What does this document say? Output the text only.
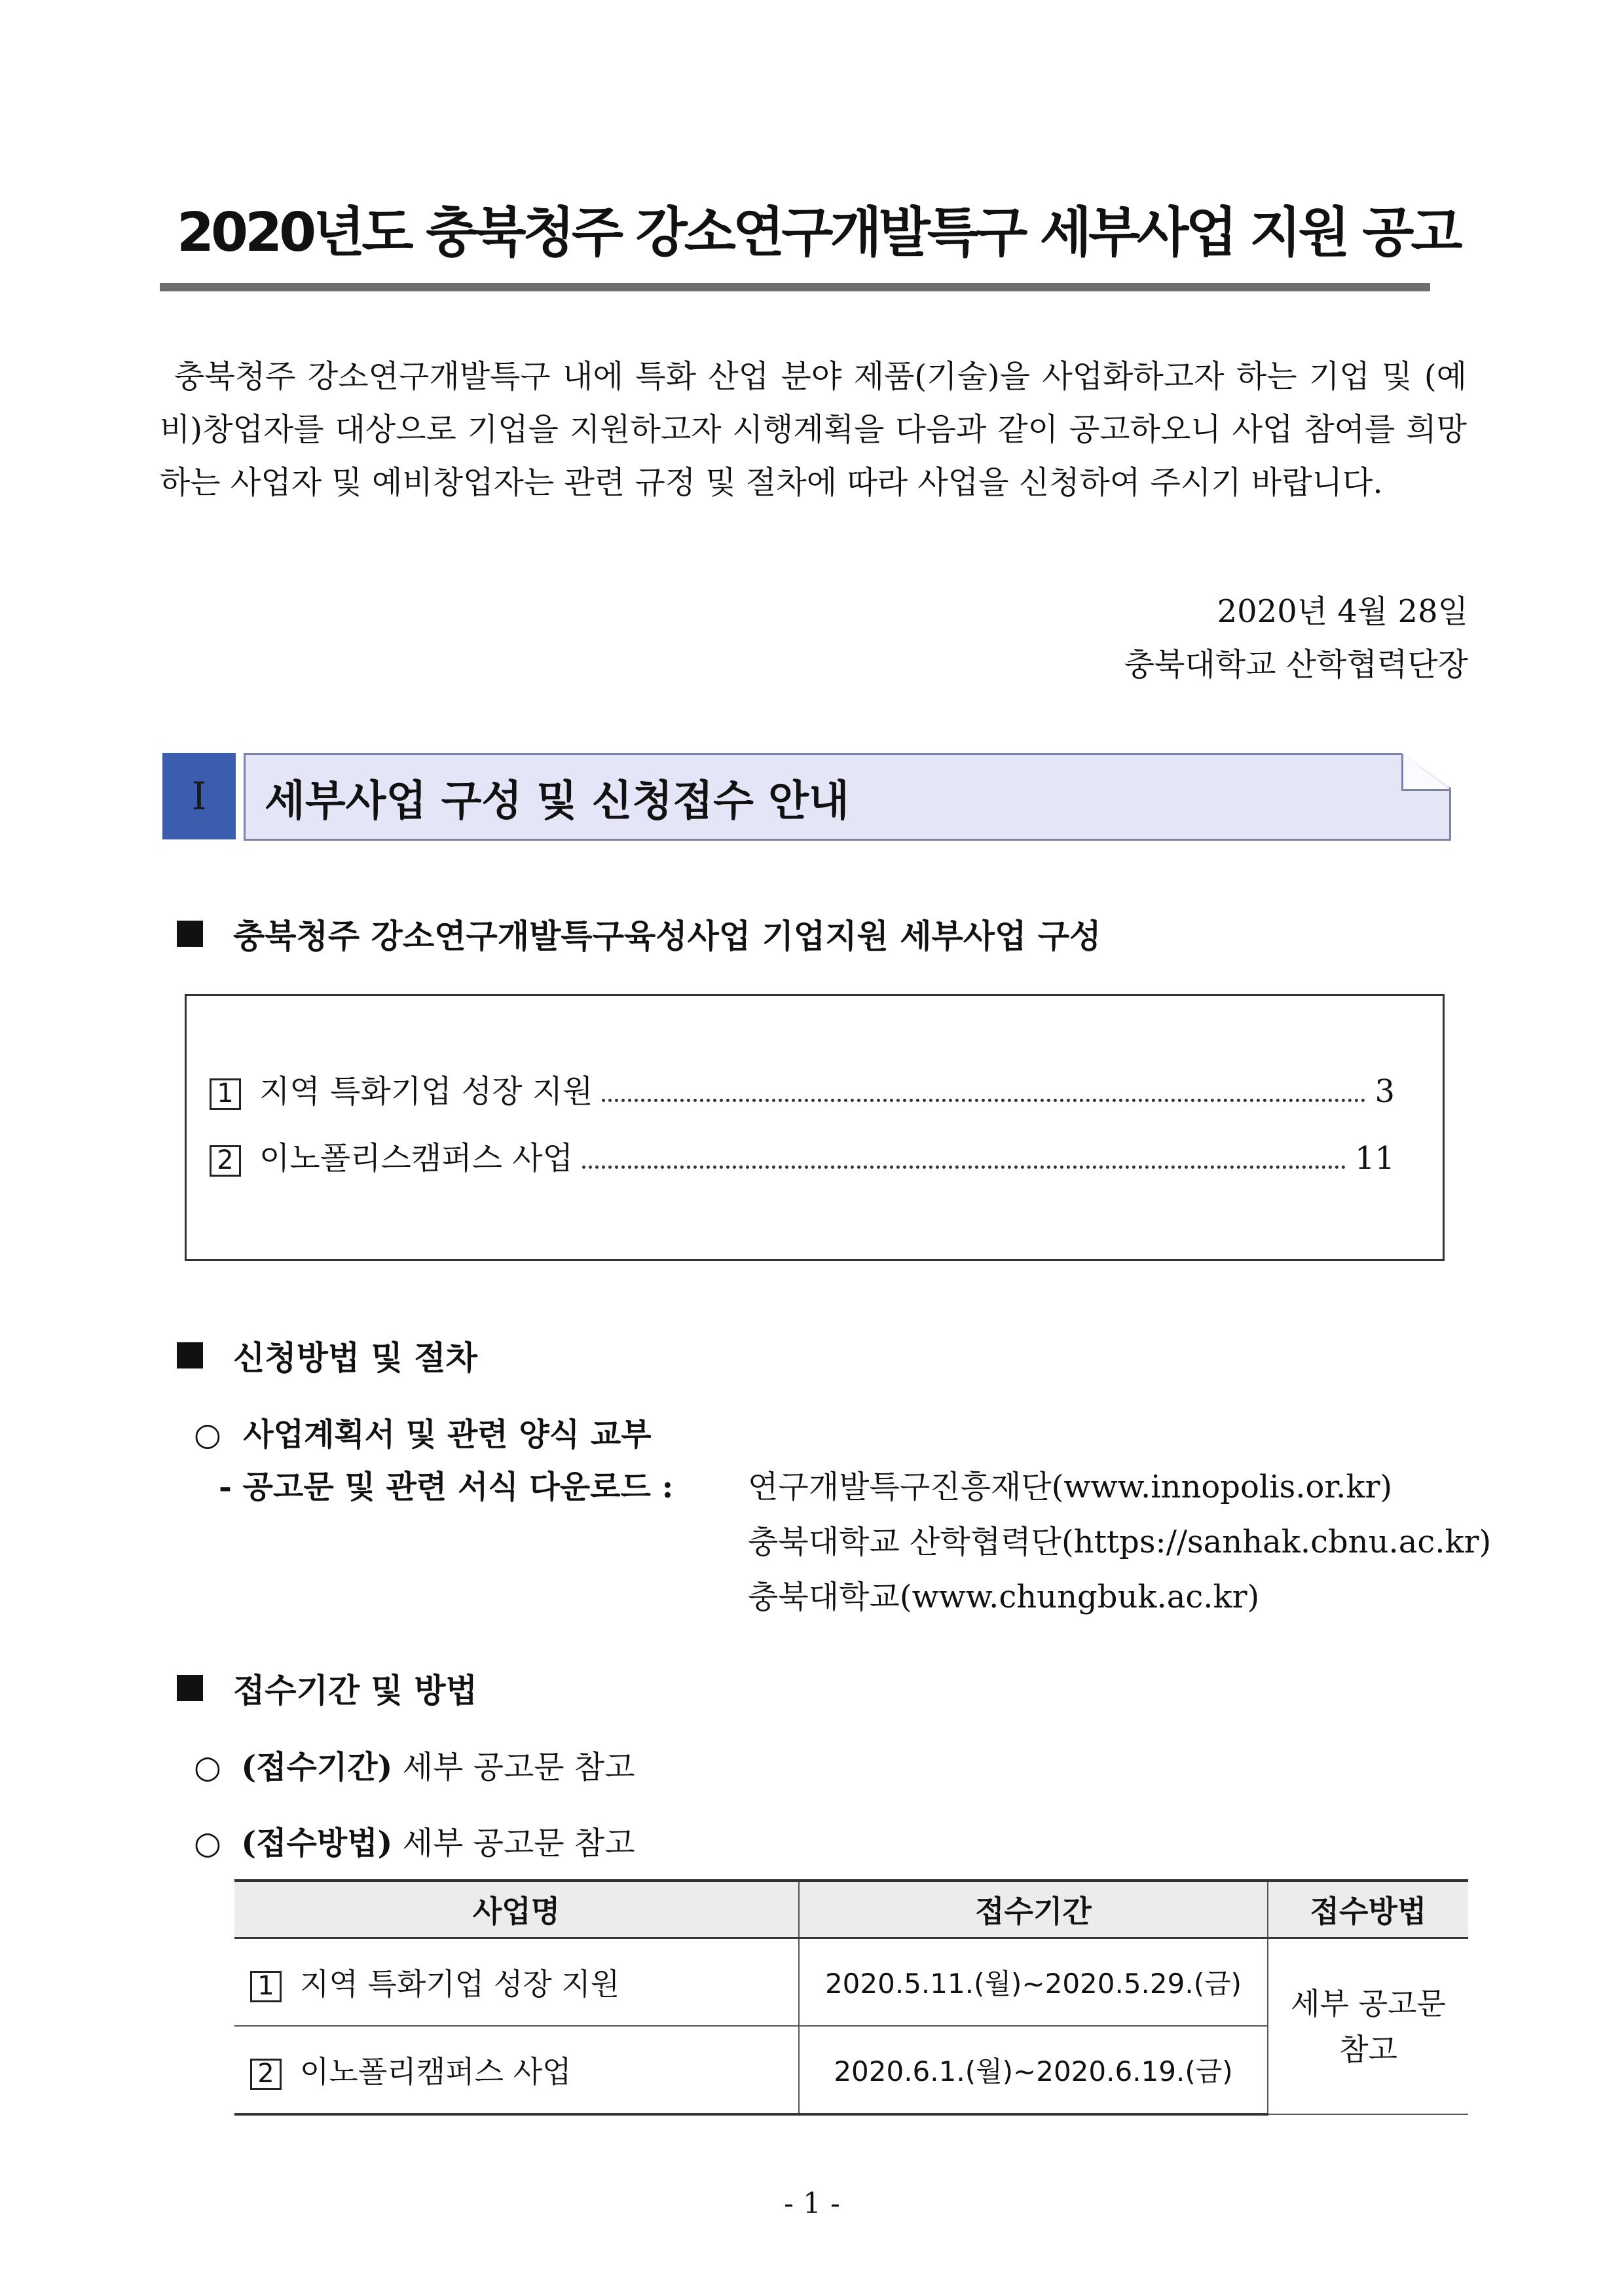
2020년도 충북청주 강소연구개발특구 세부사업 지원 공고
충북청주 강소연구개발특구 내에 특화 산업 분야 제품(기술)을 사업화하고자 하는 기업 및 (예비)창업자를 대상으로 기업을 지원하고자 시행계획을 다음과 같이 공고하오니 사업 참여를 희망하는 사업자 및 예비창업자는 관련 규정 및 절차에 따라 사업을 신청하여 주시기 바랍니다.
2020년 4월 28일
충북대학교 산학협력단장
Ⅰ	세부사업 구성 및 신청접수 안내
충북청주 강소연구개발특구육성사업 기업지원 세부사업 구성
1 지역 특화기업 성장 지원	3
2 이노폴리스캠퍼스 사업	11
신청방법 및 절차
○ 사업계획서 및 관련 양식 교부
- 공고문 및 관련 서식 다운로드 : 연구개발특구진흥재단(www.innopolis.or.kr)
충북대학교 산학협력단(https://sanhak.cbnu.ac.kr)
충북대학교(www.chungbuk.ac.kr)
접수기간 및 방법
○ (접수기간) 세부 공고문 참고
○ (접수방법) 세부 공고문 참고
사업명	접수기간	접수방법
1 지역 특화기업 성장 지원	2020.5.11.(월)~2020.5.29.(금)	세부 공고문
참고
2 이노폴리캠퍼스 사업	2020.6.1.(월)~2020.6.19.(금)	
- 1 -
